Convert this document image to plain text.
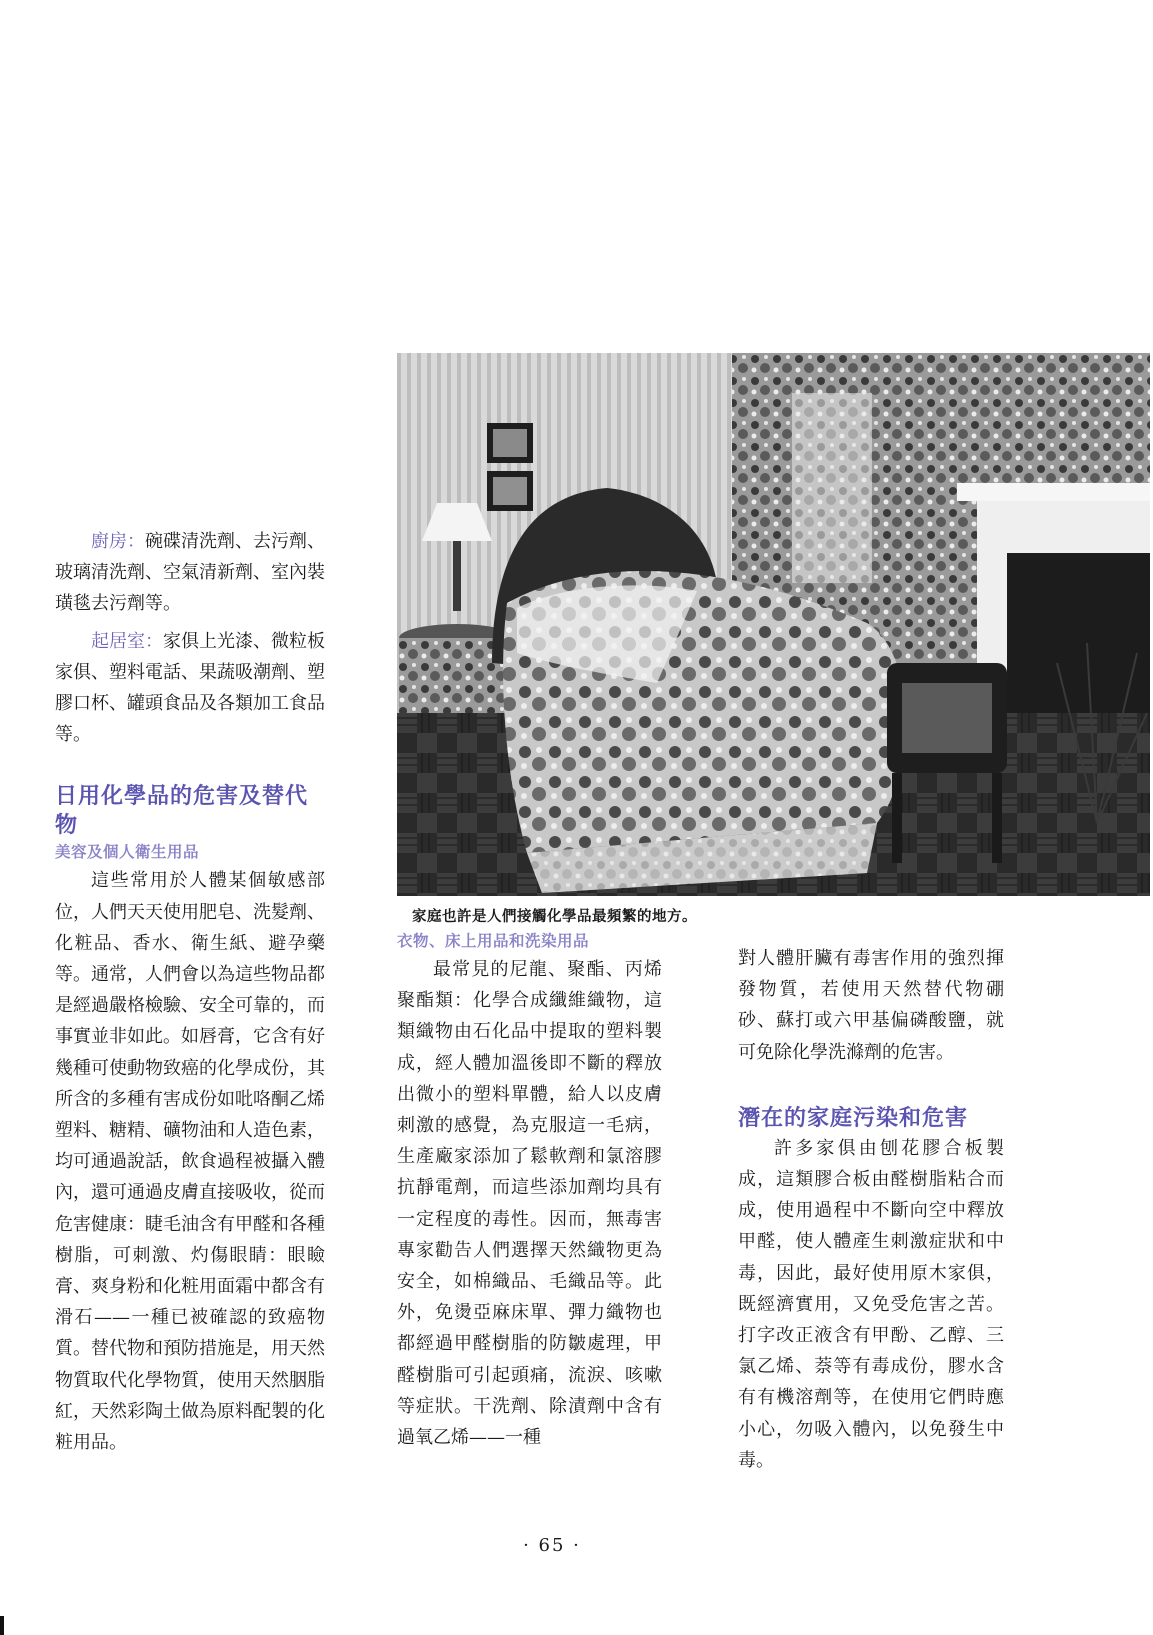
廚房：碗碟清洗劑、去污劑、玻璃清洗劑、空氣清新劑、室內裝璜毯去污劑等。

起居室：家俱上光漆、微粒板家俱、塑料電話、果蔬吸潮劑、塑膠口杯、罐頭食品及各類加工食品等。

日用化學品的危害及替代物
美容及個人衛生用品

這些常用於人體某個敏感部位，人們天天使用肥皂、洗髮劑、化粧品、香水、衛生紙、避孕藥等。通常，人們會以為這些物品都是經過嚴格檢驗、安全可靠的，而事實並非如此。如唇膏，它含有好幾種可使動物致癌的化學成份，其所含的多種有害成份如吡咯酮乙烯塑料、糖精、礦物油和人造色素，均可通過說話，飲食過程被攝入體內，還可通過皮膚直接吸收，從而危害健康：睫毛油含有甲醛和各種樹脂，可刺激、灼傷眼睛：眼瞼膏、爽身粉和化粧用面霜中都含有滑石——一種已被確認的致癌物質。替代物和預防措施是，用天然物質取代化學物質，使用天然胭脂紅，天然彩陶土做為原料配製的化粧用品。

家庭也許是人們接觸化學品最頻繁的地方。
衣物、床上用品和洗染用品

最常見的尼龍、聚酯、丙烯聚酯類：化學合成纖維織物，這類織物由石化品中提取的塑料製成，經人體加溫後即不斷的釋放出微小的塑料單體，給人以皮膚刺激的感覺，為克服這一毛病，生產廠家添加了鬆軟劑和氯溶膠抗靜電劑，而這些添加劑均具有一定程度的毒性。因而，無毒害專家勸告人們選擇天然織物更為安全，如棉織品、毛織品等。此外，免燙亞麻床單、彈力織物也都經過甲醛樹脂的防皺處理，甲醛樹脂可引起頭痛，流淚、咳嗽等症狀。干洗劑、除漬劑中含有過氧乙烯——一種

對人體肝臟有毒害作用的強烈揮發物質，若使用天然替代物硼砂、蘇打或六甲基偏磷酸鹽，就可免除化學洗滌劑的危害。

潛在的家庭污染和危害

許多家俱由刨花膠合板製成，這類膠合板由醛樹脂粘合而成，使用過程中不斷向空中釋放甲醛，使人體產生刺激症狀和中毒，因此，最好使用原木家俱，既經濟實用，又免受危害之苦。打字改正液含有甲酚、乙醇、三氯乙烯、萘等有毒成份，膠水含有有機溶劑等，在使用它們時應小心，勿吸入體內，以免發生中毒。

· 65 ·
